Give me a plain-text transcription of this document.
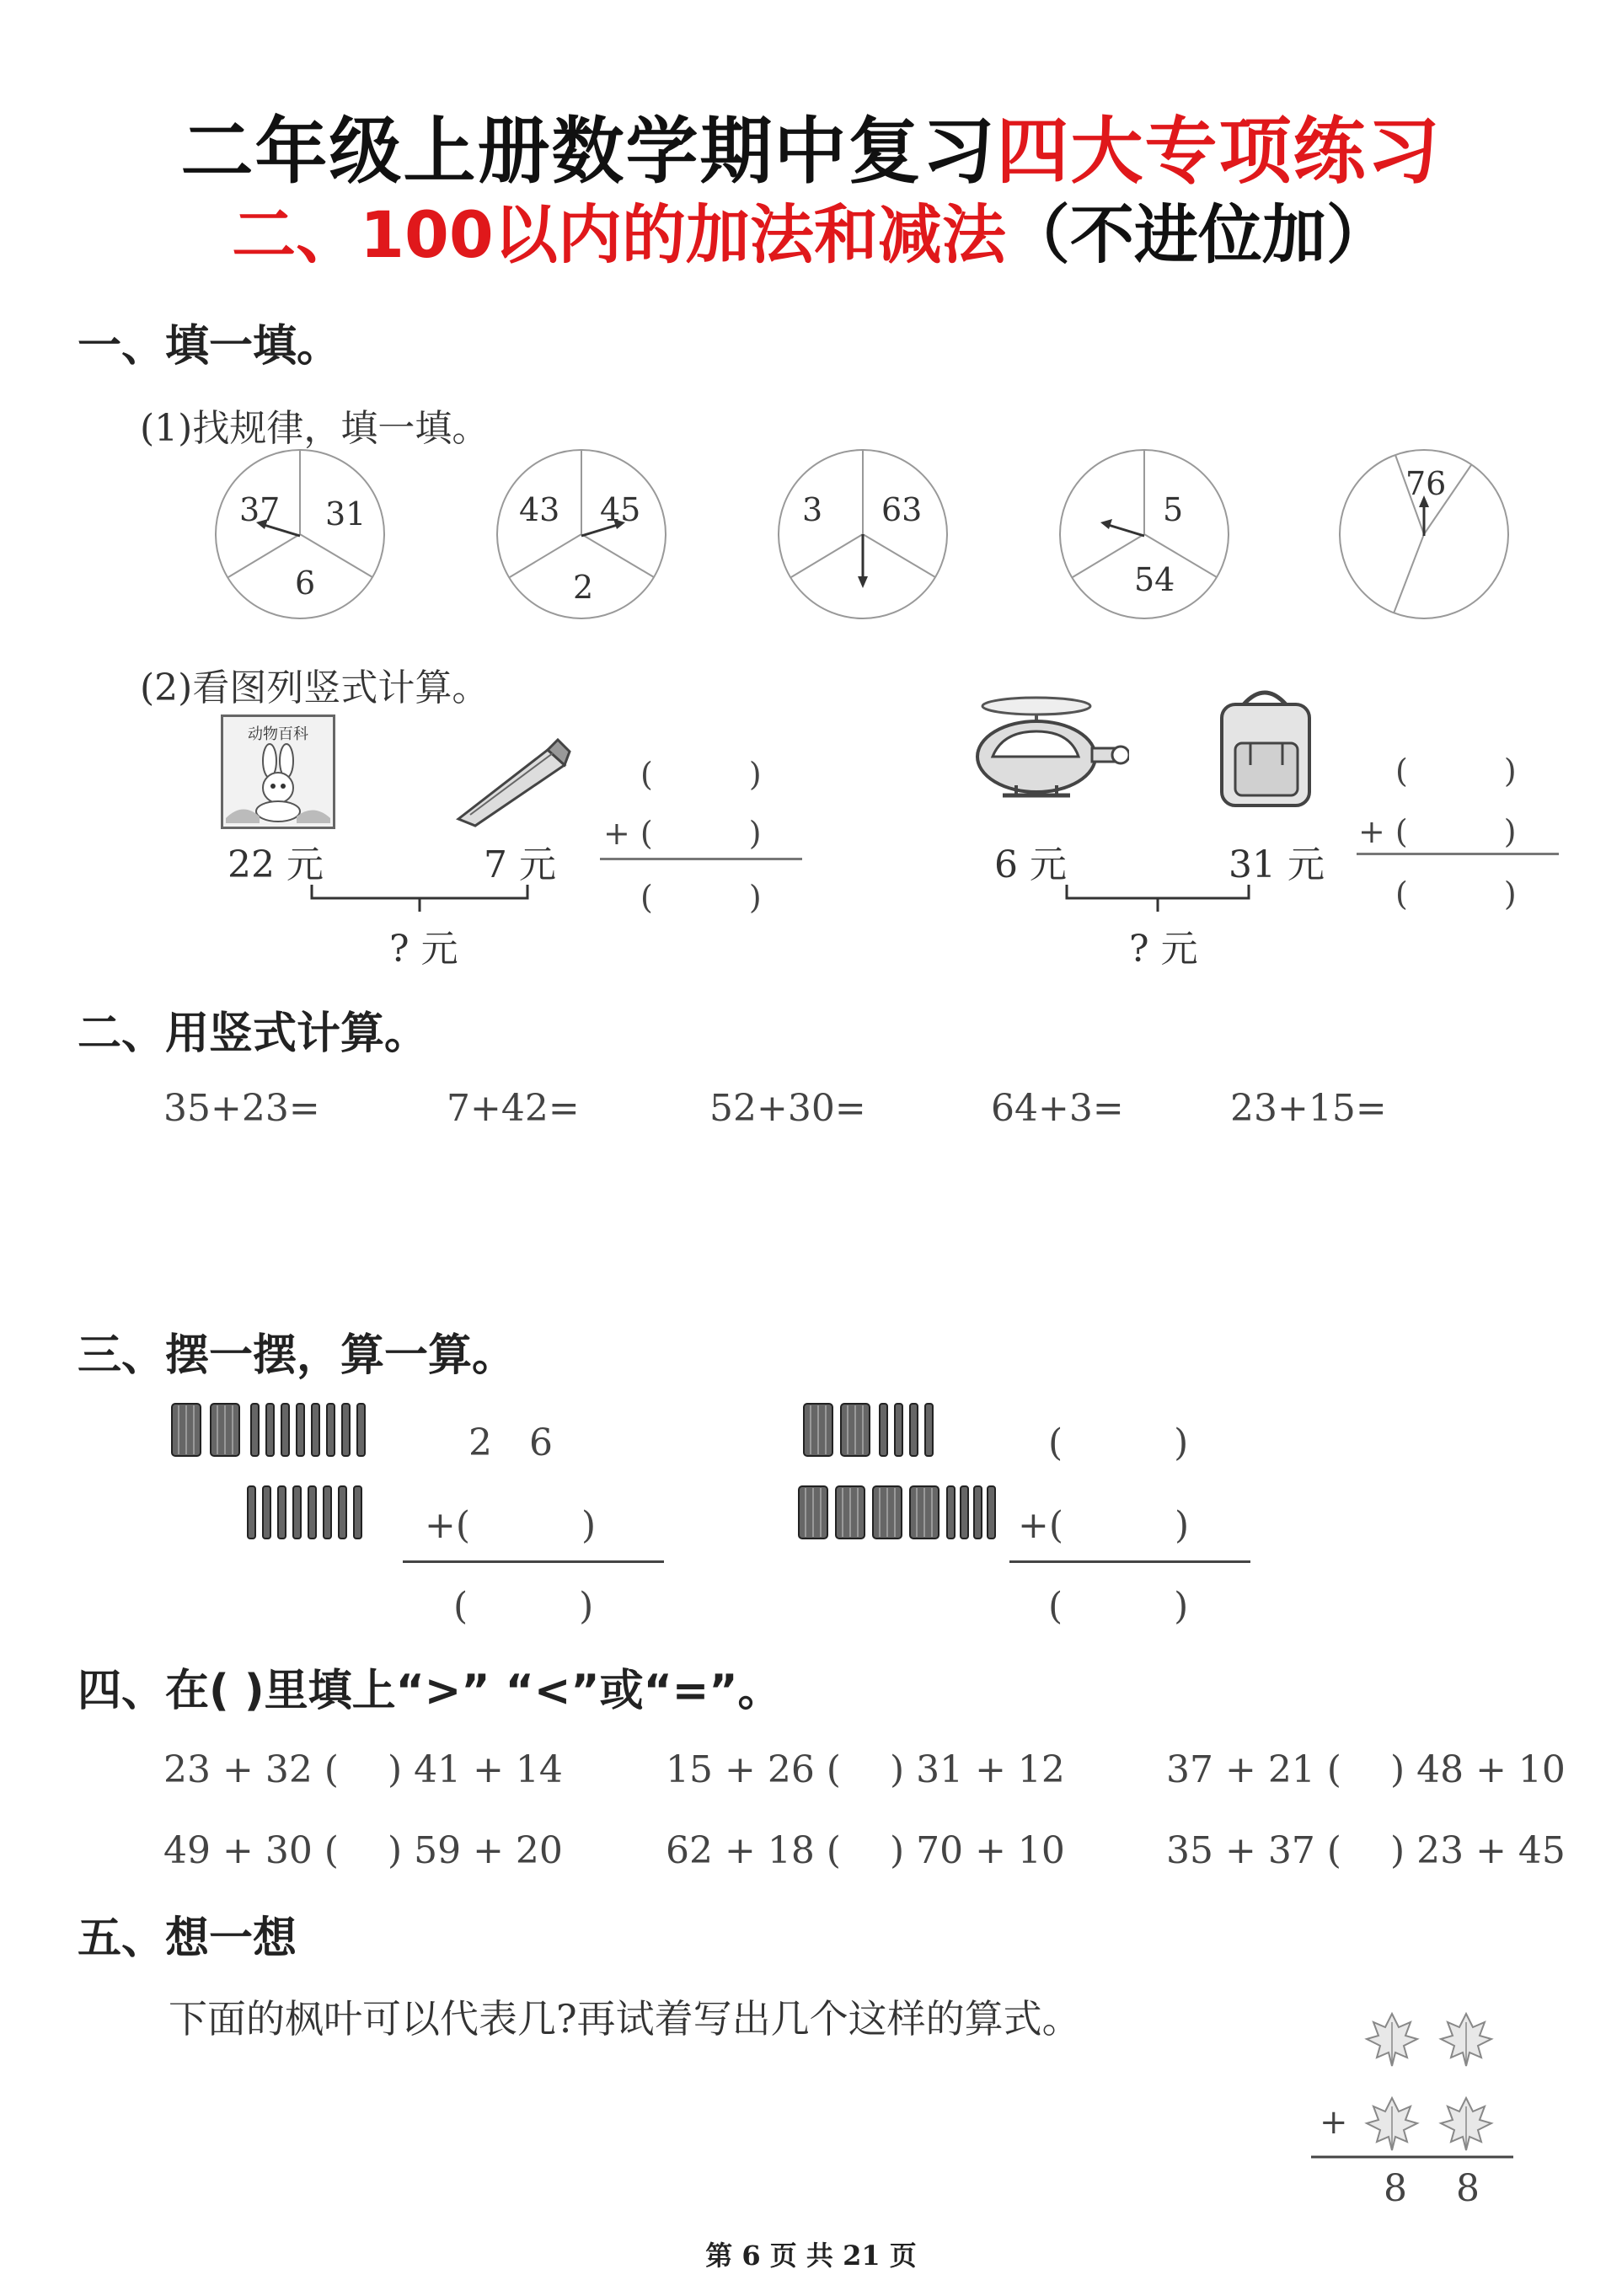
二年级上册数学期中复习四大专项练习
二、100以内的加法和减法（不进位加）
一、填一填。
(1)找规律，填一填。
37 31
6
43 45
2
3 63	5
54
76
(2)看图列竖式计算。
动物百科
22 元	7 元
? 元
(　　　)
+ (　　　)
(　　　)
6 元	31 元
? 元
(　　　)
+ (　　　)
(　　　)
二、用竖式计算。
35+23=	7+42=	52+30=	64+3=	23+15=
三、摆一摆，算一算。
2　6
+(　　　)
(　　　)
(　　　)
+(　　　)
(　　　)
四、在( )里填上“>” “<”或“=”。
23 + 32 (　 ) 41 + 14	15 + 26 (　 ) 31 + 12	37 + 21 (　 ) 48 + 10
49 + 30 (　 ) 59 + 20	62 + 18 (　 ) 70 + 10	35 + 37 (　 ) 23 + 45
五、想一想
下面的枫叶可以代表几?再试着写出几个这样的算式。
+
8 8
第 6 页 共 21 页
